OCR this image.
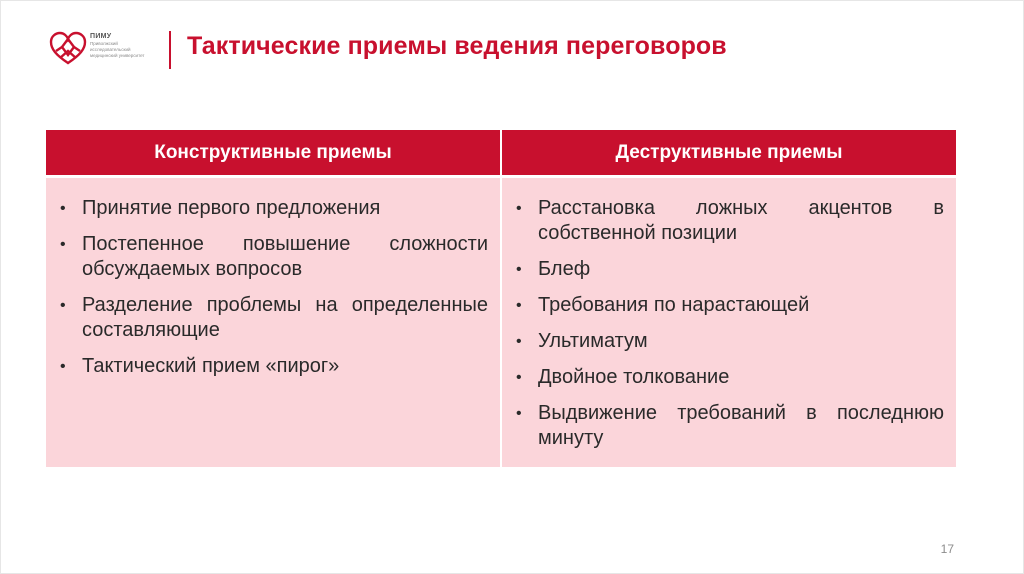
ПИМУ
Приволжский
исследовательский
медицинский университет	Тактические приемы ведения переговоров
Конструктивные приемы	Деструктивные приемы
• Принятие первого предложения
• Постепенное повышение сложности обсуждаемых вопросов
• Разделение проблемы на определенные составляющие
• Тактический прием «пирог»
• Расстановка ложных акцентов в собственной позиции
• Блеф
• Требования по нарастающей
• Ультиматум
• Двойное толкование
• Выдвижение требований в последнюю минуту
17
